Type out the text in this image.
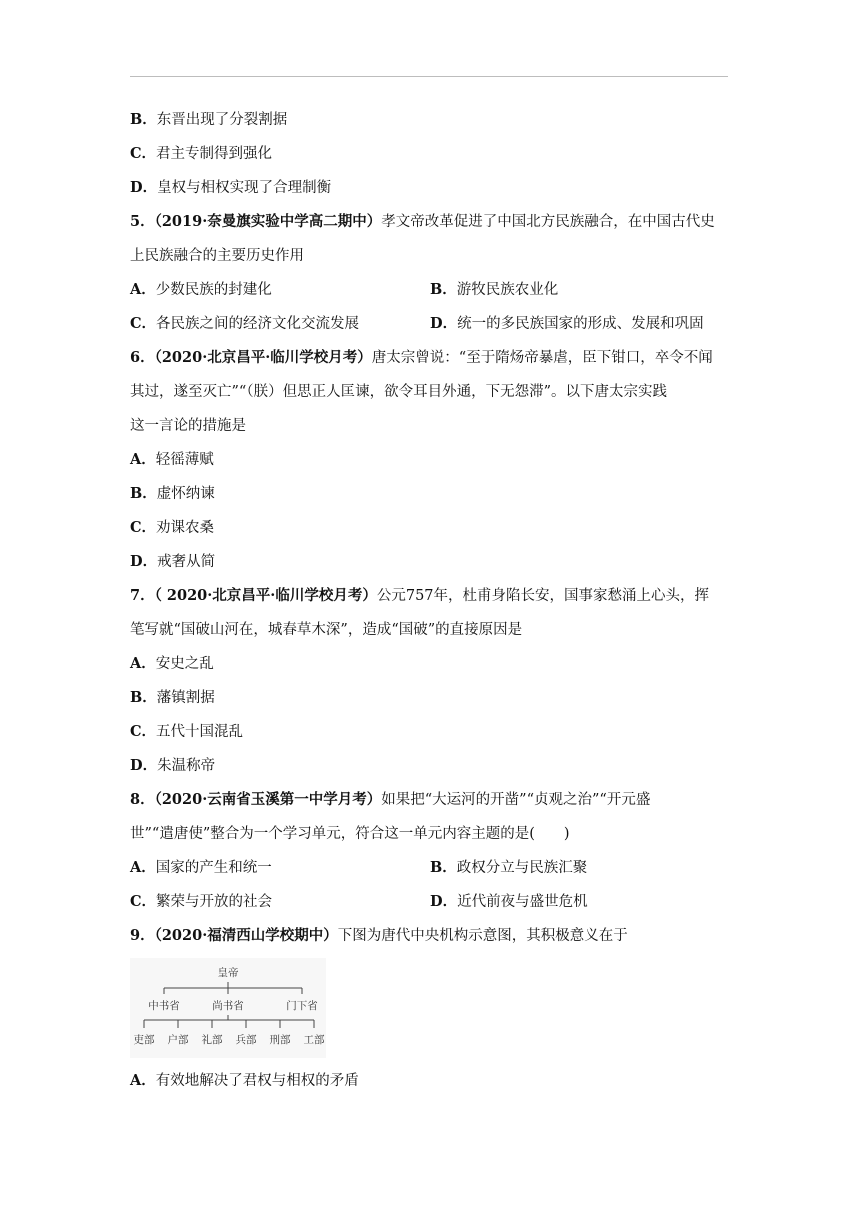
B．东晋出现了分裂割据
C．君主专制得到强化
D．皇权与相权实现了合理制衡
5．（2019·奈曼旗实验中学高二期中）孝文帝改革促进了中国北方民族融合，在中国古代史
上民族融合的主要历史作用
A．少数民族的封建化	B．游牧民族农业化
C．各民族之间的经济文化交流发展	D．统一的多民族国家的形成、发展和巩固
6．（2020·北京昌平·临川学校月考）唐太宗曾说：“至于隋炀帝暴虐，臣下钳口，卒令不闻
其过，遂至灭亡”“（朕）但思正人匡谏，欲令耳目外通，下无怨滞”。以下唐太宗实践
这一言论的措施是
A．轻徭薄赋
B．虚怀纳谏
C．劝课农桑
D．戒奢从简
7．（ 2020·北京昌平·临川学校月考）公元757年，杜甫身陷长安，国事家愁涌上心头，挥
笔写就“国破山河在，城春草木深”，造成“国破”的直接原因是
A．安史之乱
B．藩镇割据
C．五代十国混乱
D．朱温称帝
8．（2020·云南省玉溪第一中学月考）如果把“大运河的开凿”“贞观之治”“开元盛
世”“遣唐使”整合为一个学习单元，符合这一单元内容主题的是(　　)
A．国家的产生和统一	B．政权分立与民族汇聚
C．繁荣与开放的社会	D．近代前夜与盛世危机
9．（2020·福清西山学校期中）下图为唐代中央机构示意图，其积极意义在于
皇帝
中书省	尚书省	门下省
吏部 户部 礼部 兵部 刑部 工部
A．有效地解决了君权与相权的矛盾
